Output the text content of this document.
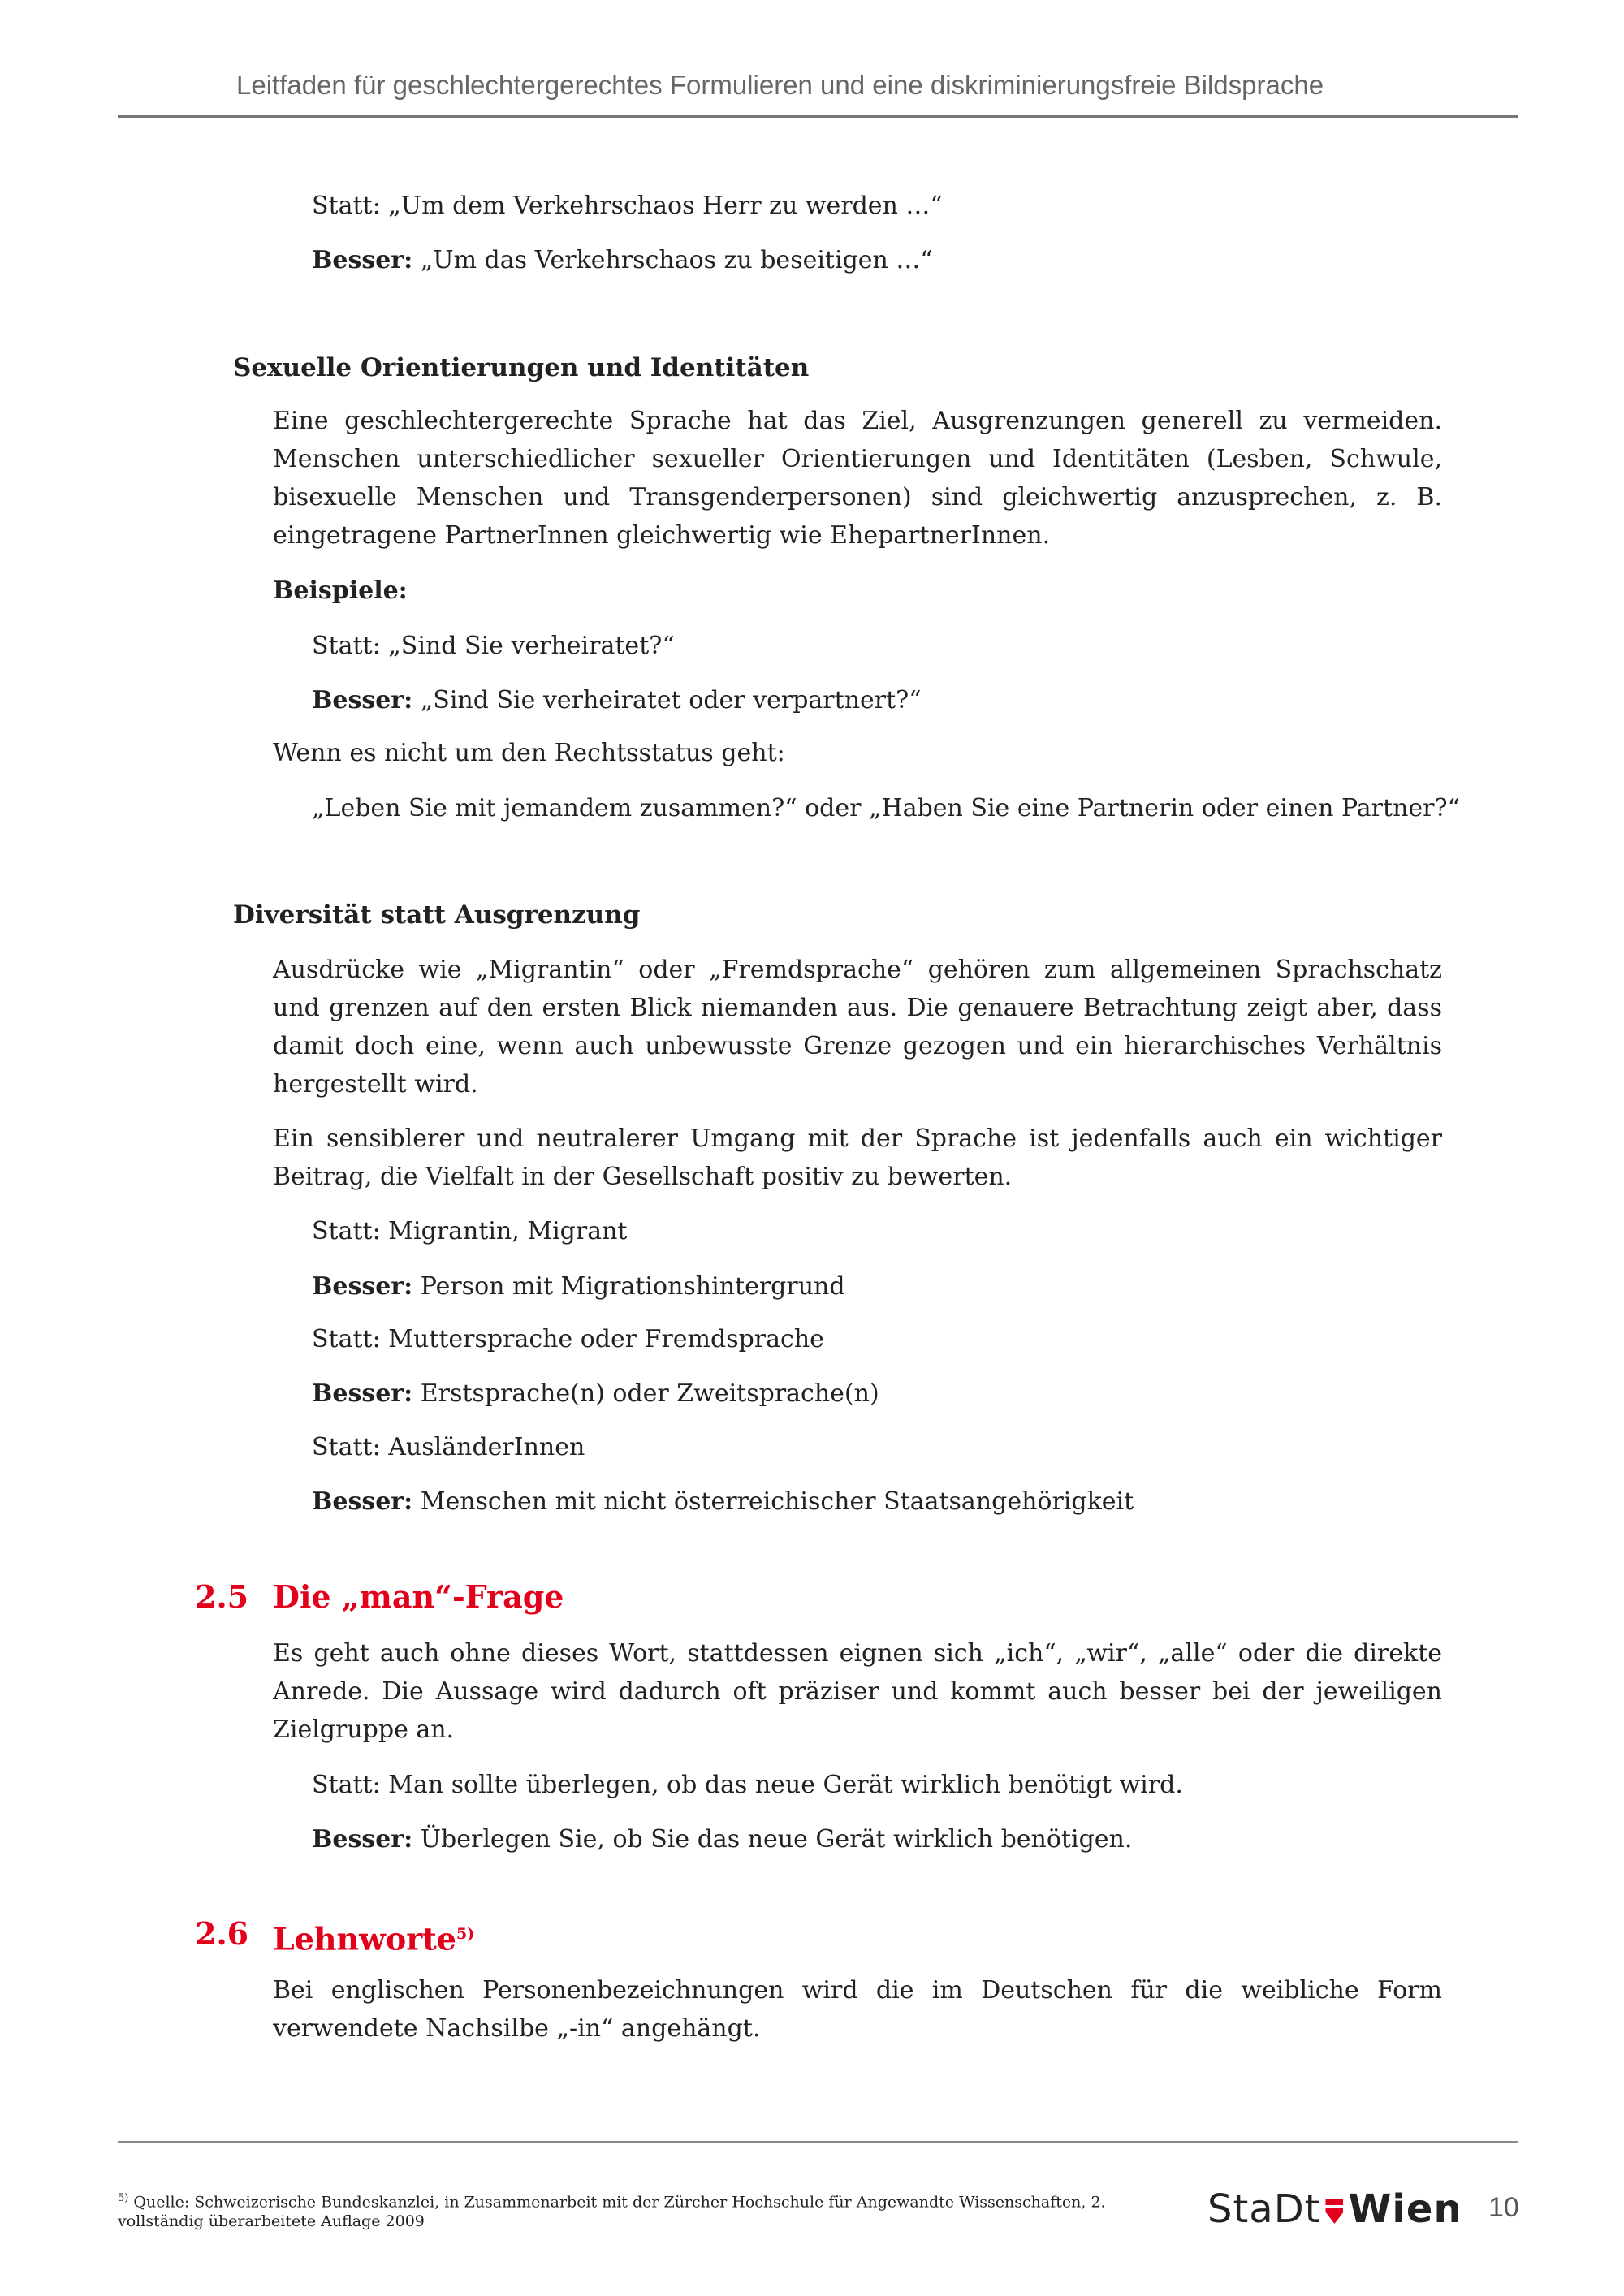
Leitfaden für geschlechtergerechtes Formulieren und eine diskriminierungsfreie Bildsprache
Statt: „Um dem Verkehrschaos Herr zu werden …“
Besser: „Um das Verkehrschaos zu beseitigen …“
Sexuelle Orientierungen und Identitäten
Eine geschlechtergerechte Sprache hat das Ziel, Ausgrenzungen generell zu vermeiden. Menschen unterschiedlicher sexueller Orientierungen und Identitäten (Lesben, Schwule, bisexuelle Menschen und Transgenderpersonen) sind gleichwertig anzusprechen, z. B. eingetragene PartnerInnen gleichwertig wie EhepartnerInnen.
Beispiele:
Statt: „Sind Sie verheiratet?“
Besser: „Sind Sie verheiratet oder verpartnert?“
Wenn es nicht um den Rechtsstatus geht:
„Leben Sie mit jemandem zusammen?“ oder „Haben Sie eine Partnerin oder einen Partner?“
Diversität statt Ausgrenzung
Ausdrücke wie „Migrantin“ oder „Fremdsprache“ gehören zum allgemeinen Sprachschatz und grenzen auf den ersten Blick niemanden aus. Die genauere Betrachtung zeigt aber, dass damit doch eine, wenn auch unbewusste Grenze gezogen und ein hierarchisches Verhältnis hergestellt wird.
Ein sensiblerer und neutralerer Umgang mit der Sprache ist jedenfalls auch ein wichtiger Beitrag, die Vielfalt in der Gesellschaft positiv zu bewerten.
Statt: Migrantin, Migrant
Besser: Person mit Migrationshintergrund
Statt: Muttersprache oder Fremdsprache
Besser: Erstsprache(n) oder Zweitsprache(n)
Statt: AusländerInnen
Besser: Menschen mit nicht österreichischer Staatsangehörigkeit
2.5 Die „man“-Frage
Es geht auch ohne dieses Wort, stattdessen eignen sich „ich“, „wir“, „alle“ oder die direkte Anrede. Die Aussage wird dadurch oft präziser und kommt auch besser bei der jeweiligen Zielgruppe an.
Statt: Man sollte überlegen, ob das neue Gerät wirklich benötigt wird.
Besser: Überlegen Sie, ob Sie das neue Gerät wirklich benötigen.
2.6 Lehnworte$^{5)}$
Bei englischen Personenbezeichnungen wird die im Deutschen für die weibliche Form verwendete Nachsilbe „-in“ angehängt.
$^{5)}$ Quelle: Schweizerische Bundeskanzlei, in Zusammenarbeit mit der Zürcher Hochschule für Angewandte Wissenschaften, 2. vollständig überarbeitete Auflage 2009	StaDt Wien 10
